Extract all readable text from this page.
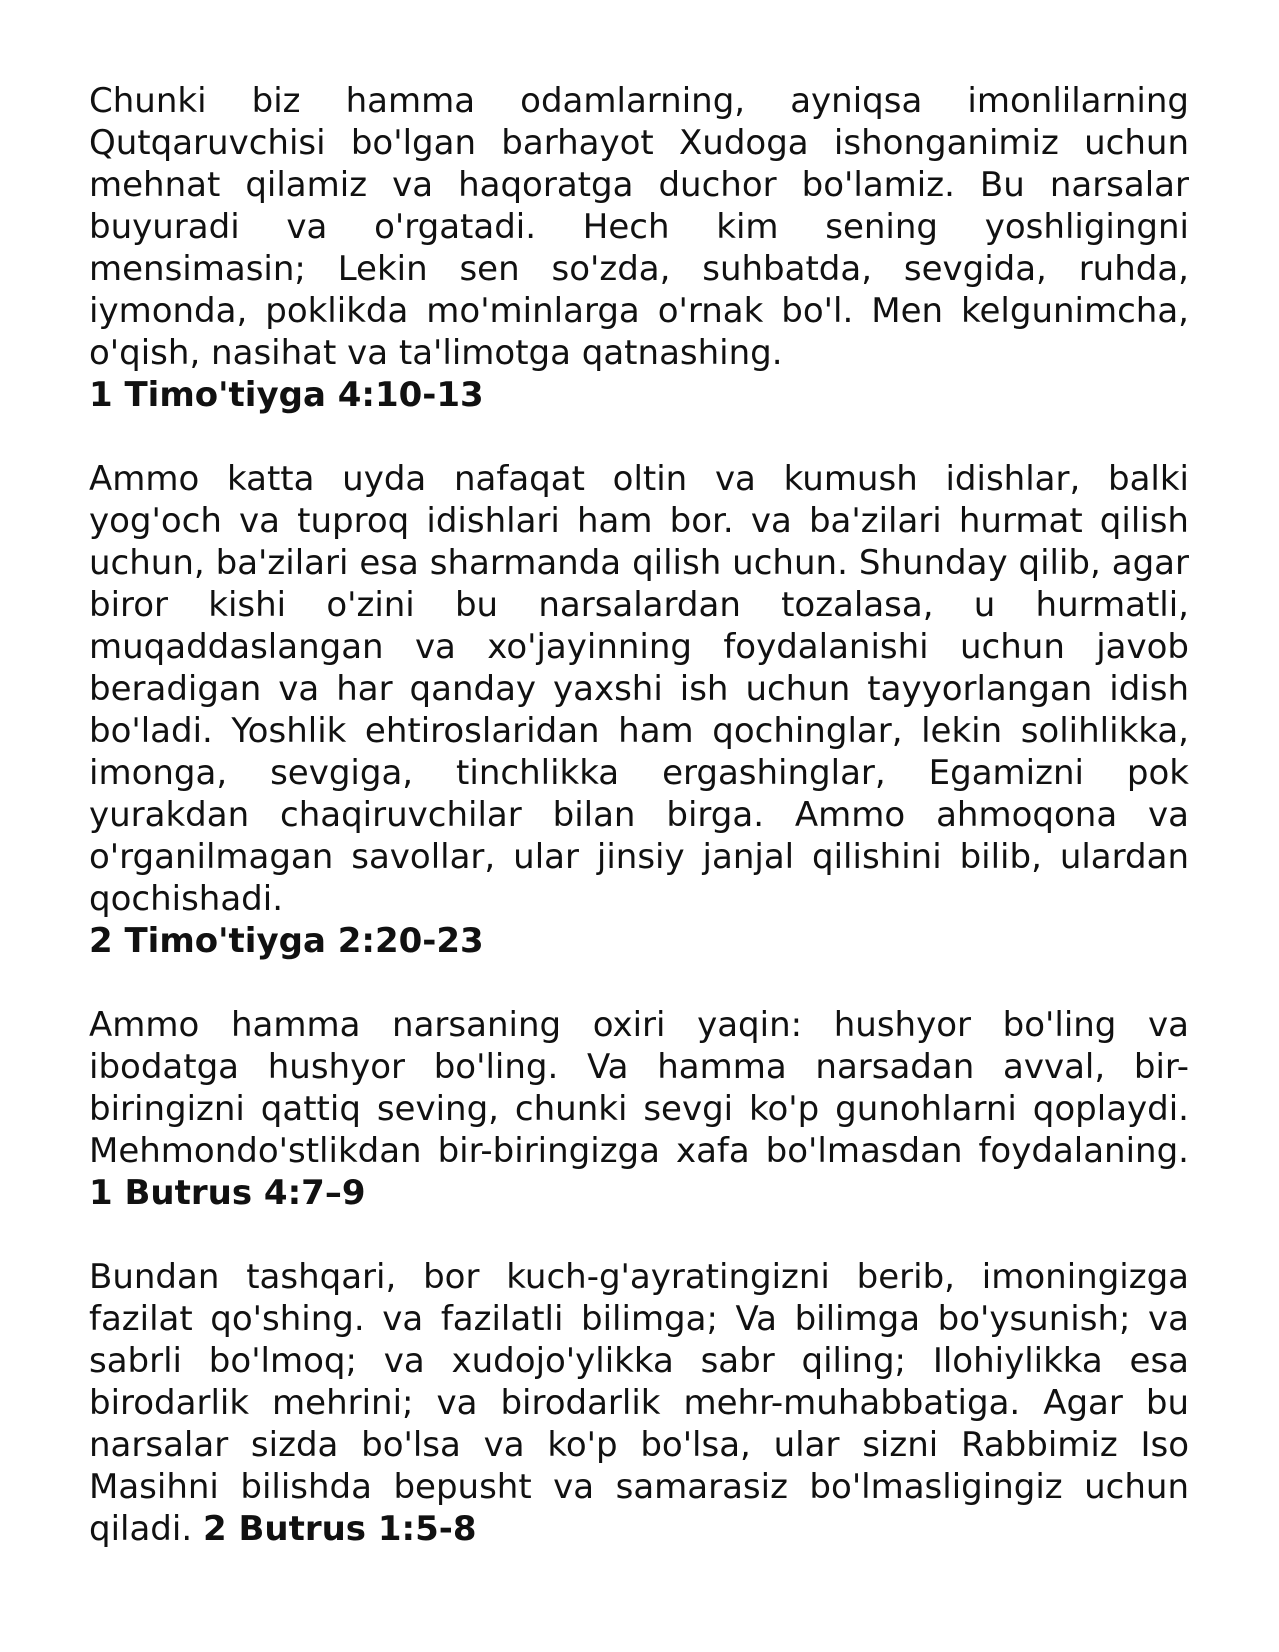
Chunki biz hamma odamlarning, ayniqsa imonlilarning Qutqaruvchisi bo'lgan barhayot Xudoga ishonganimiz uchun mehnat qilamiz va haqoratga duchor bo'lamiz. Bu narsalar buyuradi va o'rgatadi. Hech kim sening yoshligingni mensimasin; Lekin sen so'zda, suhbatda, sevgida, ruhda, iymonda, poklikda mo'minlarga o'rnak bo'l. Men kelgunimcha, o'qish, nasihat va ta'limotga qatnashing.
1 Timo'tiyga 4:10-13
Ammo katta uyda nafaqat oltin va kumush idishlar, balki yog'och va tuproq idishlari ham bor. va ba'zilari hurmat qilish uchun, ba'zilari esa sharmanda qilish uchun. Shunday qilib, agar biror kishi o'zini bu narsalardan tozalasa, u hurmatli, muqaddaslangan va xo'jayinning foydalanishi uchun javob beradigan va har qanday yaxshi ish uchun tayyorlangan idish bo'ladi. Yoshlik ehtiroslaridan ham qochinglar, lekin solihlikka, imonga, sevgiga, tinchlikka ergashinglar, Egamizni pok yurakdan chaqiruvchilar bilan birga. Ammo ahmoqona va o'rganilmagan savollar, ular jinsiy janjal qilishini bilib, ulardan qochishadi.
2 Timo'tiyga 2:20-23
Ammo hamma narsaning oxiri yaqin: hushyor bo'ling va ibodatga hushyor bo'ling. Va hamma narsadan avval, bir-biringizni qattiq seving, chunki sevgi ko'p gunohlarni qoplaydi. Mehmondo'stlikdan bir-biringizga xafa bo'lmasdan foydalaning. 1 Butrus 4:7–9
Bundan tashqari, bor kuch-g'ayratingizni berib, imoningizga fazilat qo'shing. va fazilatli bilimga; Va bilimga bo'ysunish; va sabrli bo'lmoq; va xudojo'ylikka sabr qiling; Ilohiylikka esa birodarlik mehrini; va birodarlik mehr-muhabbatiga. Agar bu narsalar sizda bo'lsa va ko'p bo'lsa, ular sizni Rabbimiz Iso Masihni bilishda bepusht va samarasiz bo'lmasligingiz uchun qiladi. 2 Butrus 1:5-8
